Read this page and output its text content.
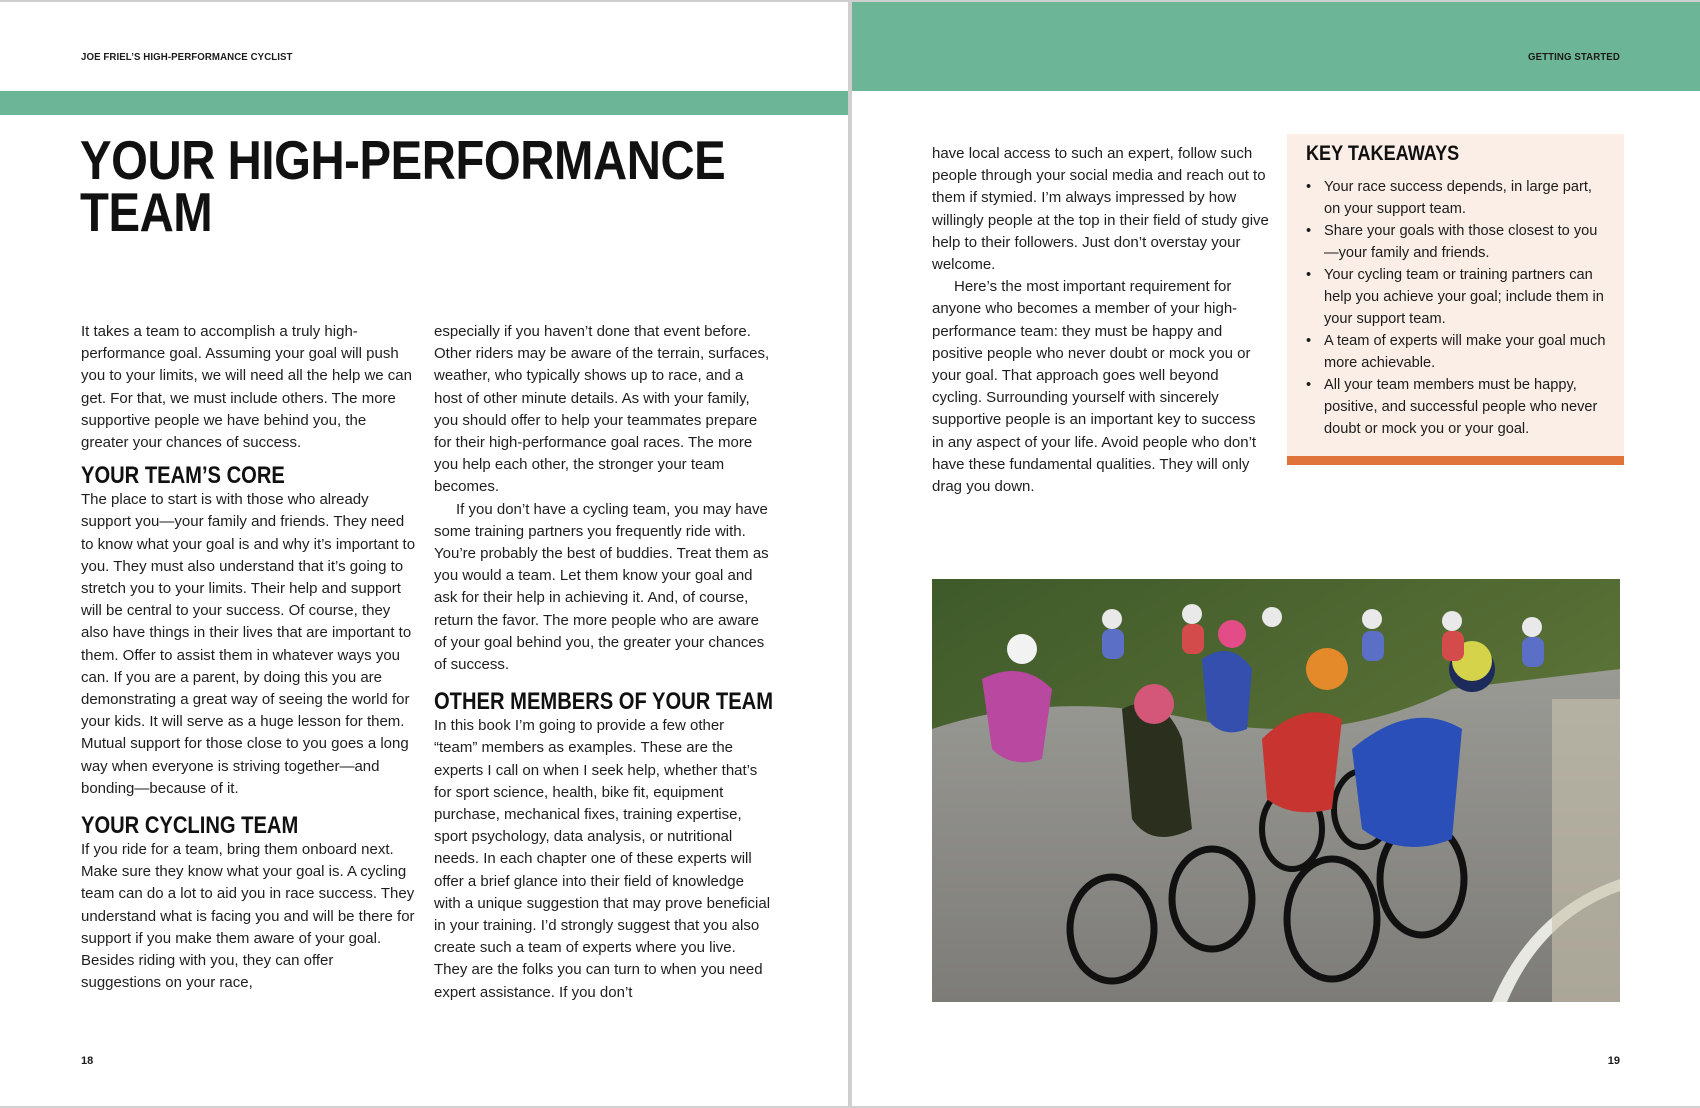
JOE FRIEL’S HIGH-PERFORMANCE CYCLIST
YOUR HIGH-PERFORMANCE
TEAM

It takes a team to accomplish a truly high-performance goal. Assuming your goal will push you to your limits, we will need all the help we can get. For that, we must include others. The more supportive people we have behind you, the greater your chances of success.

YOUR TEAM’S CORE

The place to start is with those who already support you—your family and friends. They need to know what your goal is and why it’s important to you. They must also understand that it’s going to stretch you to your limits. Their help and support will be central to your success. Of course, they also have things in their lives that are important to them. Offer to assist them in whatever ways you can. If you are a parent, by doing this you are demonstrating a great way of seeing the world for your kids. It will serve as a huge lesson for them. Mutual support for those close to you goes a long way when everyone is striving together—and bonding—because of it.

YOUR CYCLING TEAM

If you ride for a team, bring them onboard next. Make sure they know what your goal is. A cycling team can do a lot to aid you in race success. They understand what is facing you and will be there for support if you make them aware of your goal. Besides riding with you, they can offer suggestions on your race,

especially if you haven’t done that event before. Other riders may be aware of the terrain, surfaces, weather, who typically shows up to race, and a host of other minute details. As with your family, you should offer to help your teammates prepare for their high-performance goal races. The more you help each other, the stronger your team becomes.

If you don’t have a cycling team, you may have some training partners you frequently ride with. You’re probably the best of buddies. Treat them as you would a team. Let them know your goal and ask for their help in achieving it. And, of course, return the favor. The more people who are aware of your goal behind you, the greater your chances of success.

OTHER MEMBERS OF YOUR TEAM

In this book I’m going to provide a few other “team” members as examples. These are the experts I call on when I seek help, whether that’s for sport science, health, bike fit, equipment purchase, mechanical fixes, training expertise, sport psychology, data analysis, or nutritional needs. In each chapter one of these experts will offer a brief glance into their field of knowledge with a unique suggestion that may prove beneficial in your training. I’d strongly suggest that you also create such a team of experts where you live. They are the folks you can turn to when you need expert assistance. If you don’t

18
GETTING STARTED

have local access to such an expert, follow such people through your social media and reach out to them if stymied. I’m always impressed by how willingly people at the top in their field of study give help to their followers. Just don’t overstay your welcome.

Here’s the most important requirement for anyone who becomes a member of your high-performance team: they must be happy and positive people who never doubt or mock you or your goal. That approach goes well beyond cycling. Surrounding yourself with sincerely supportive people is an important key to success in any aspect of your life. Avoid people who don’t have these fundamental qualities. They will only drag you down.

KEY TAKEAWAYS
• Your race success depends, in large part, on your support team.
• Share your goals with those closest to you—your family and friends.
• Your cycling team or training partners can help you achieve your goal; include them in your support team.
• A team of experts will make your goal much more achievable.
• All your team members must be happy, positive, and successful people who never doubt or mock you or your goal.
19
